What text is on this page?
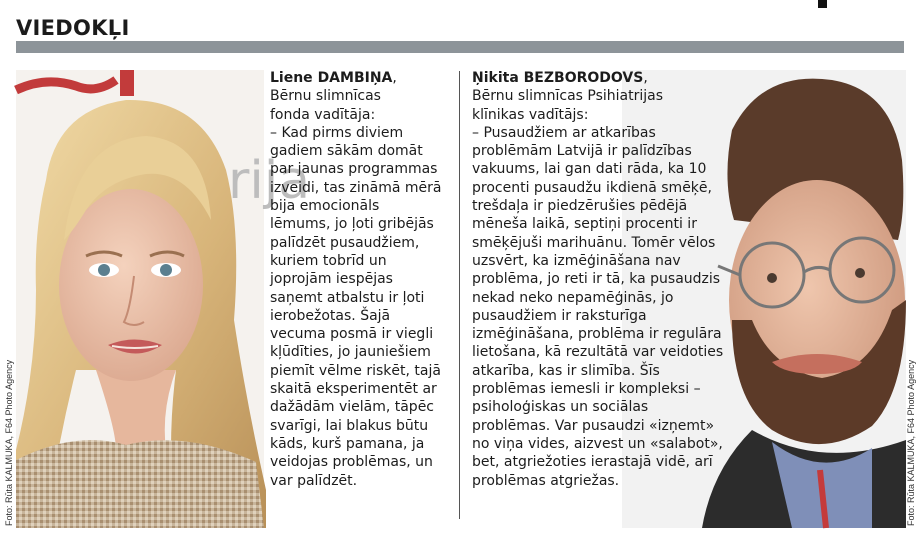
VIEDOKĻI
rija
Foto: Rūta KALMUKA, F64 Photo Agency	Foto: Rūta KALMUKA, F64 Photo Agency
Liene DAMBIŅA,
Bērnu slimnīcas
fonda vadītāja:
– Kad pirms diviem
gadiem sākām domāt
par jaunas programmas
izveidi, tas zināmā mērā
bija emocionāls
lēmums, jo ļoti gribējās
palīdzēt pusaudžiem,
kuriem tobrīd un
joprojām iespējas
saņemt atbalstu ir ļoti
ierobežotas. Šajā
vecuma posmā ir viegli
kļūdīties, jo jauniešiem
piemīt vēlme riskēt, tajā
skaitā eksperimentēt ar
dažādām vielām, tāpēc
svarīgi, lai blakus būtu
kāds, kurš pamana, ja
veidojas problēmas, un
var palīdzēt.
Ņikita BEZBORODOVS,
Bērnu slimnīcas Psihiatrijas
klīnikas vadītājs:
– Pusaudžiem ar atkarības
problēmām Latvijā ir palīdzības
vakuums, lai gan dati rāda, ka 10
procenti pusaudžu ikdienā smēķē,
trešdaļa ir piedzērušies pēdējā
mēneša laikā, septiņi procenti ir
smēķējuši marihuānu. Tomēr vēlos
uzsvērt, ka izmēģināšana nav
problēma, jo reti ir tā, ka pusaudzis
nekad neko nepamēģinās, jo
pusaudžiem ir raksturīga
izmēģināšana, problēma ir regulāra
lietošana, kā rezultātā var veidoties
atkarība, kas ir slimība. Šīs
problēmas iemesli ir kompleksi –
psiholoģiskas un sociālas
problēmas. Var pusaudzi «izņemt»
no viņa vides, aizvest un «salabot»,
bet, atgriežoties ierastajā vidē, arī
problēmas atgriežas.
